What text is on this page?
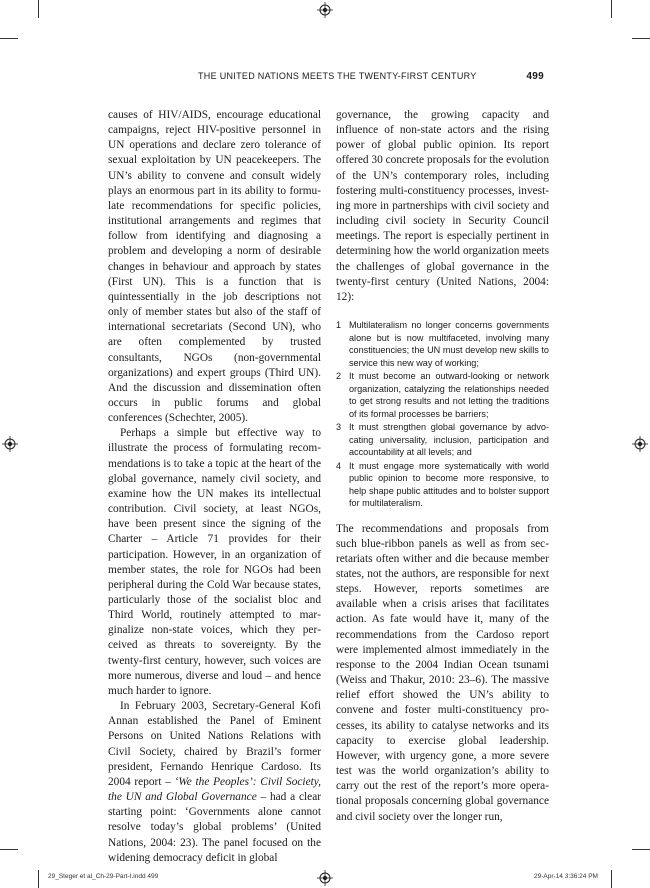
THE UNITED NATIONS MEETS THE TWENTY-FIRST CENTURY	499

causes of HIV/AIDS, encourage educational campaigns, reject HIV-positive personnel in UN operations and declare zero tolerance of sexual exploitation by UN peacekeepers. The UN’s ability to convene and consult widely plays an enormous part in its ability to formulate recommendations for specific policies, institutional arrangements and regimes that follow from identifying and diagnosing a problem and developing a norm of desirable changes in behaviour and approach by states (First UN). This is a function that is quintessentially in the job descriptions not only of member states but also of the staff of international secretariats (Second UN), who are often complemented by trusted consultants, NGOs (non-governmental organizations) and expert groups (Third UN). And the discussion and dissemination often occurs in public forums and global conferences (Schechter, 2005).

Perhaps a simple but effective way to illustrate the process of formulating recommendations is to take a topic at the heart of the global governance, namely civil society, and examine how the UN makes its intellectual contribution. Civil society, at least NGOs, have been present since the signing of the Charter – Article 71 provides for their participation. However, in an organization of member states, the role for NGOs had been peripheral during the Cold War because states, particularly those of the socialist bloc and Third World, routinely attempted to marginalize non-state voices, which they perceived as threats to sovereignty. By the twenty-first century, however, such voices are more numerous, diverse and loud – and hence much harder to ignore.

In February 2003, Secretary-General Kofi Annan established the Panel of Eminent Persons on United Nations Relations with Civil Society, chaired by Brazil’s former president, Fernando Henrique Cardoso. Its 2004 report – ‘We the Peoples’: Civil Society, the UN and Global Governance – had a clear starting point: ‘Governments alone cannot resolve today’s global problems’ (United Nations, 2004: 23). The panel focused on the widening democracy deficit in global

governance, the growing capacity and influence of non-state actors and the rising power of global public opinion. Its report offered 30 concrete proposals for the evolution of the UN’s contemporary roles, including fostering multi-constituency processes, investing more in partnerships with civil society and including civil society in Security Council meetings. The report is especially pertinent in determining how the world organization meets the challenges of global governance in the twenty-first century (United Nations, 2004: 12):

1 Multilateralism no longer concerns governments alone but is now multifaceted, involving many constituencies; the UN must develop new skills to service this new way of working;
2 It must become an outward-looking or network organization, catalyzing the relationships needed to get strong results and not letting the traditions of its formal processes be barriers;
3 It must strengthen global governance by advocating universality, inclusion, participation and accountability at all levels; and
4 It must engage more systematically with world public opinion to become more responsive, to help shape public attitudes and to bolster support for multilateralism.

The recommendations and proposals from such blue-ribbon panels as well as from secretariats often wither and die because member states, not the authors, are responsible for next steps. However, reports sometimes are available when a crisis arises that facilitates action. As fate would have it, many of the recommendations from the Cardoso report were implemented almost immediately in the response to the 2004 Indian Ocean tsunami (Weiss and Thakur, 2010: 23–6). The massive relief effort showed the UN’s ability to convene and foster multi-constituency processes, its ability to catalyse networks and its capacity to exercise global leadership. However, with urgency gone, a more severe test was the world organization’s ability to carry out the rest of the report’s more operational proposals concerning global governance and civil society over the longer run,

29_Steger et al_Ch-29-Part-I.indd 499	29-Apr-14 3:36:24 PM
